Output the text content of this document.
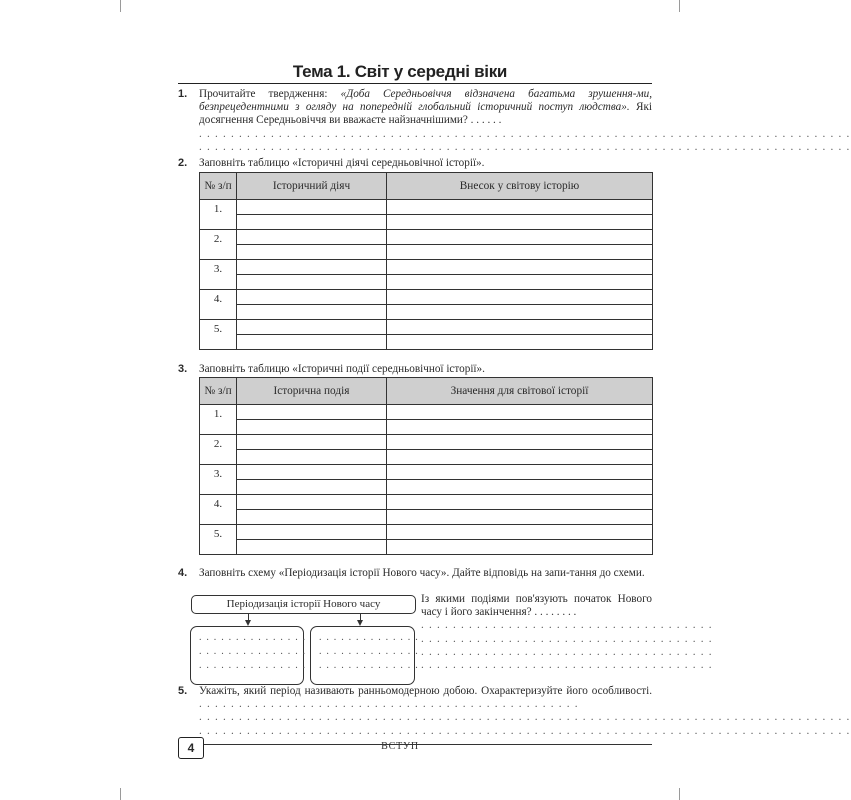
Тема 1. Світ у середні віки
1. Прочитайте твердження: «Доба Середньовіччя відзначена багатьма зрушення-ми, безпрецедентними з огляду на попередній глобальний історичний поступ людства». Які досягнення Середньовіччя ви вважаєте найзначнішими? . . . . . .
. . . . . . . . . . . . . . . . . . . . . . . . . . . . . . . . . . . . . . . . . . . . . . . . . . . . . . . . . . . . . . . . . . . . . . . . . . . . . . . . . .
. . . . . . . . . . . . . . . . . . . . . . . . . . . . . . . . . . . . . . . . . . . . . . . . . . . . . . . . . . . . . . . . . . . . . . . . . . . . . . . . . .
2. Заповніть таблицю «Історичні діячі середньовічної історії».
№ з/п	Історичний діяч	Внесок у світову історію
1.		

2.		

3.		

4.		

5.		

3. Заповніть таблицю «Історичні події середньовічної історії».
№ з/п	Історична подія	Значення для світової історії
1.		

2.		

3.		

4.		

5.		

4. Заповніть схему «Періодизація історії Нового часу». Дайте відповідь на запи-тання до схеми.
Періодизація історії Нового часу
. . . . . . . . . . . . . . .
. . . . . . . . . . . . . . .
. . . . . . . . . . . . . . .
. . . . . . . . . . . . . .
. . . . . . . . . . . . . .
. . . . . . . . . . . . . .
Із якими подіями пов'язують початок Нового часу і його закінчення? . . . . . . . .
. . . . . . . . . . . . . . . . . . . . . . . . . . . . . . . . . . . . .
. . . . . . . . . . . . . . . . . . . . . . . . . . . . . . . . . . . . .
. . . . . . . . . . . . . . . . . . . . . . . . . . . . . . . . . . . . .
. . . . . . . . . . . . . . . . . . . . . . . . . . . . . . . . . . . . .
5. Укажіть, який період називають ранньомодерною добою. Охарактеризуйте його особливості. . . . . . . . . . . . . . . . . . . . . . . . . . . . . . . . . . . . . . . . . . . . . . . . .
. . . . . . . . . . . . . . . . . . . . . . . . . . . . . . . . . . . . . . . . . . . . . . . . . . . . . . . . . . . . . . . . . . . . . . . . . . . . . . . . . .
. . . . . . . . . . . . . . . . . . . . . . . . . . . . . . . . . . . . . . . . . . . . . . . . . . . . . . . . . . . . . . . . . . . . . . . . . . . . . . . . . .
4	ВСТУП
